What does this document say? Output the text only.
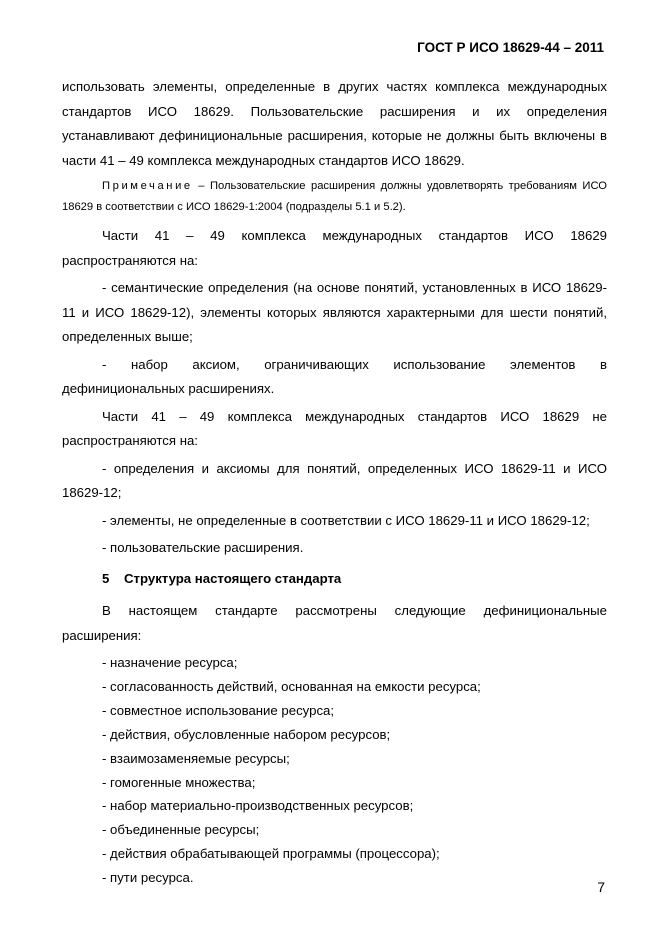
ГОСТ Р ИСО 18629-44 – 2011

использовать элементы, определенные в других частях комплекса международных стандартов ИСО 18629. Пользовательские расширения и их определения устанавливают дефинициональные расширения, которые не должны быть включены в части 41 – 49 комплекса международных стандартов ИСО 18629.

Примечание – Пользовательские расширения должны удовлетворять требованиям ИСО 18629 в соответствии с ИСО 18629-1:2004 (подразделы 5.1 и 5.2).

Части 41 – 49 комплекса международных стандартов ИСО 18629 распространяются на:

- семантические определения (на основе понятий, установленных в ИСО 18629-11 и ИСО 18629-12), элементы которых являются характерными для шести понятий, определенных выше;

- набор аксиом, ограничивающих использование элементов в дефинициональных расширениях.

Части 41 – 49 комплекса международных стандартов ИСО 18629 не распространяются на:

- определения и аксиомы для понятий, определенных ИСО 18629-11 и ИСО 18629-12;

- элементы, не определенные в соответствии с ИСО 18629-11 и ИСО 18629-12;

- пользовательские расширения.

5 Структура настоящего стандарта

В настоящем стандарте рассмотрены следующие дефинициональные расширения:

- назначение ресурса;
- согласованность действий, основанная на емкости ресурса;
- совместное использование ресурса;
- действия, обусловленные набором ресурсов;
- взаимозаменяемые ресурсы;
- гомогенные множества;
- набор материально-производственных ресурсов;
- объединенные ресурсы;
- действия обрабатывающей программы (процессора);
- пути ресурса.
7
